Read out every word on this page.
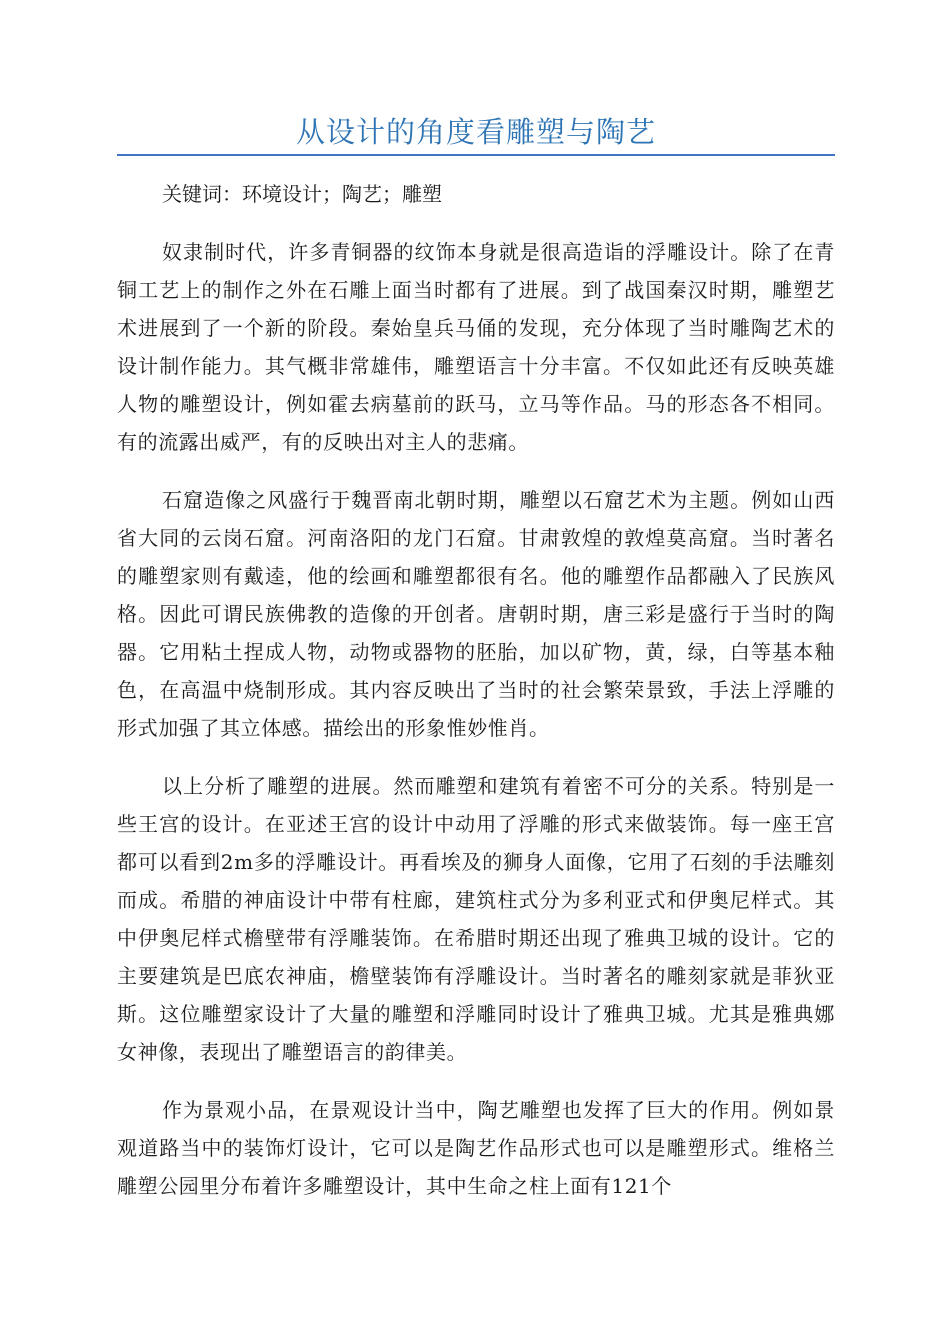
从设计的角度看雕塑与陶艺

关键词：环境设计；陶艺；雕塑

奴隶制时代，许多青铜器的纹饰本身就是很高造诣的浮雕设计。除了在青铜工艺上的制作之外在石雕上面当时都有了进展。到了战国秦汉时期，雕塑艺术进展到了一个新的阶段。秦始皇兵马俑的发现，充分体现了当时雕陶艺术的设计制作能力。其气概非常雄伟，雕塑语言十分丰富。不仅如此还有反映英雄人物的雕塑设计，例如霍去病墓前的跃马，立马等作品。马的形态各不相同。有的流露出威严，有的反映出对主人的悲痛。

石窟造像之风盛行于魏晋南北朝时期，雕塑以石窟艺术为主题。例如山西省大同的云岗石窟。河南洛阳的龙门石窟。甘肃敦煌的敦煌莫高窟。当时著名的雕塑家则有戴逵，他的绘画和雕塑都很有名。他的雕塑作品都融入了民族风格。因此可谓民族佛教的造像的开创者。唐朝时期，唐三彩是盛行于当时的陶器。它用粘土捏成人物，动物或器物的胚胎，加以矿物，黄，绿，白等基本釉色，在高温中烧制形成。其内容反映出了当时的社会繁荣景致，手法上浮雕的形式加强了其立体感。描绘出的形象惟妙惟肖。

以上分析了雕塑的进展。然而雕塑和建筑有着密不可分的关系。特别是一些王宫的设计。在亚述王宫的设计中动用了浮雕的形式来做装饰。每一座王宫都可以看到2m多的浮雕设计。再看埃及的狮身人面像，它用了石刻的手法雕刻而成。希腊的神庙设计中带有柱廊，建筑柱式分为多利亚式和伊奥尼样式。其中伊奥尼样式檐壁带有浮雕装饰。在希腊时期还出现了雅典卫城的设计。它的主要建筑是巴底农神庙，檐壁装饰有浮雕设计。当时著名的雕刻家就是菲狄亚斯。这位雕塑家设计了大量的雕塑和浮雕同时设计了雅典卫城。尤其是雅典娜女神像，表现出了雕塑语言的韵律美。

作为景观小品，在景观设计当中，陶艺雕塑也发挥了巨大的作用。例如景观道路当中的装饰灯设计，它可以是陶艺作品形式也可以是雕塑形式。维格兰雕塑公园里分布着许多雕塑设计，其中生命之柱上面有121个
